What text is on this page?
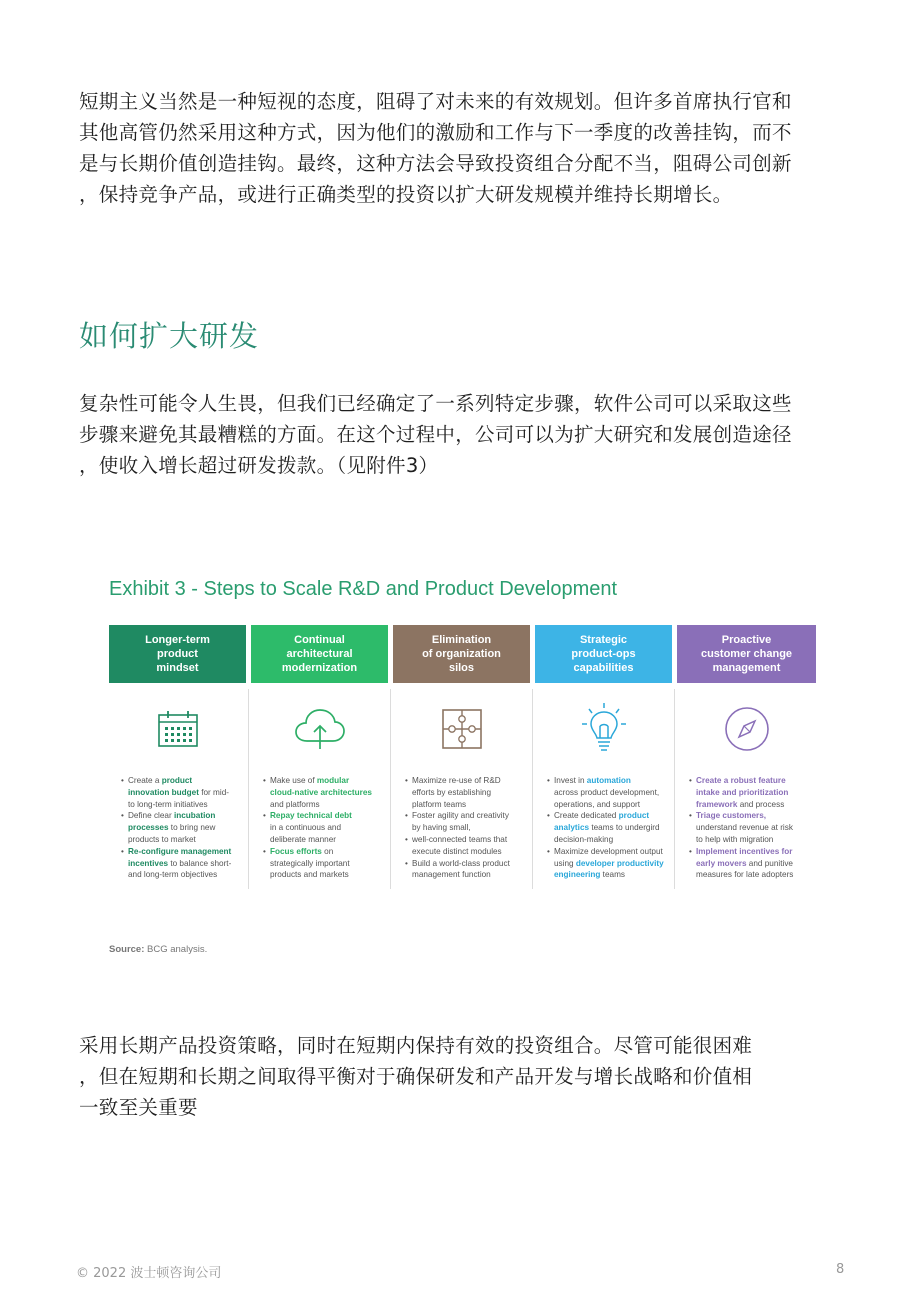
短期主义当然是一种短视的态度，阻碍了对未来的有效规划。但许多首席执行官和
其他高管仍然采用这种方式，因为他们的激励和工作与下一季度的改善挂钩，而不
是与长期价值创造挂钩。最终，这种方法会导致投资组合分配不当，阻碍公司创新
，保持竞争产品，或进行正确类型的投资以扩大研发规模并维持长期增长。
如何扩大研发
复杂性可能令人生畏，但我们已经确定了一系列特定步骤，软件公司可以采取这些
步骤来避免其最糟糕的方面。在这个过程中，公司可以为扩大研究和发展创造途径
，使收入增长超过研发拨款。（见附件3）
Exhibit 3 - Steps to Scale R&D and Product Development
Longer-term
product
mindset
• Create a product
innovation budget for mid-
to long-term initiatives
• Define clear incubation
processes to bring new
products to market
• Re-configure management
incentives to balance short-
and long-term objectives
Continual
architectural
modernization
• Make use of modular
cloud-native architectures
and platforms
• Repay technical debt
in a continuous and
deliberate manner
• Focus efforts on
strategically important
products and markets
Elimination
of organization
silos
• Maximize re-use of R&D
efforts by establishing
platform teams
• Foster agility and creativity
by having small,
• well-connected teams that
execute distinct modules
• Build a world-class product
management function
Strategic
product-ops
capabilities
• Invest in automation
across product development,
operations, and support
• Create dedicated product
analytics teams to undergird
decision-making
• Maximize development output
using developer productivity
engineering teams
Proactive
customer change
management
• Create a robust feature
intake and prioritization
framework and process
• Triage customers,
understand revenue at risk
to help with migration
• Implement incentives for
early movers and punitive
measures for late adopters
Source: BCG analysis.
采用长期产品投资策略，同时在短期内保持有效的投资组合。尽管可能很困难
，但在短期和长期之间取得平衡对于确保研发和产品开发与增长战略和价值相
一致至关重要
© 2022 波士顿咨询公司	8
